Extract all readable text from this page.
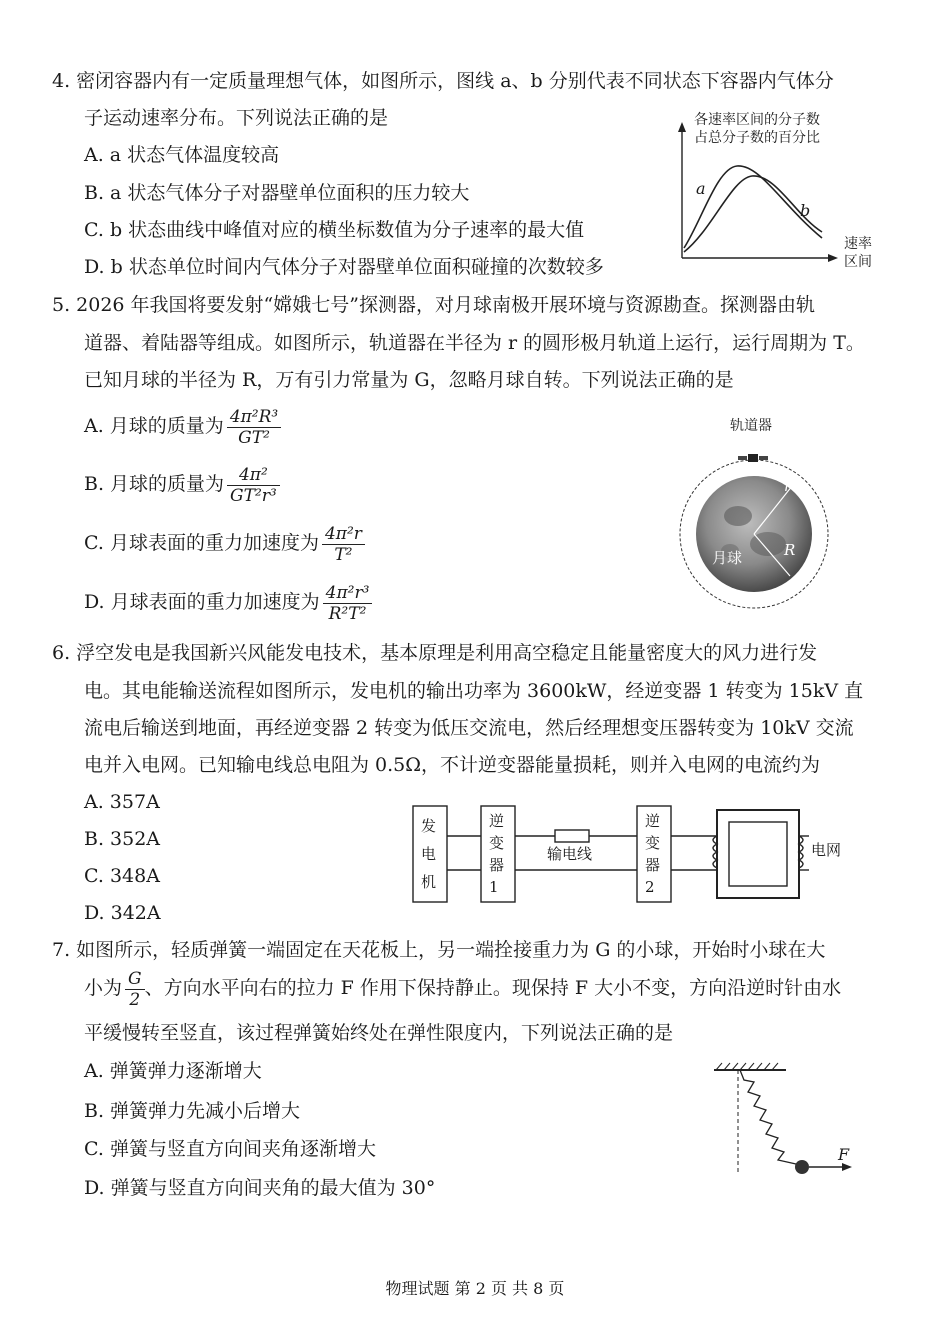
4. 密闭容器内有一定质量理想气体，如图所示，图线 a、b 分别代表不同状态下容器内气体分
子运动速率分布。下列说法正确的是
A. a 状态气体温度较高
B. a 状态气体分子对器壁单位面积的压力较大
C. b 状态曲线中峰值对应的横坐标数值为分子速率的最大值
D. b 状态单位时间内气体分子对器壁单位面积碰撞的次数较多
各速率区间的分子数
占总分子数的百分比
a
b
速率
区间
5. 2026 年我国将要发射“嫦娥七号”探测器，对月球南极开展环境与资源勘查。探测器由轨
道器、着陆器等组成。如图所示，轨道器在半径为 r 的圆形极月轨道上运行，运行周期为 T。
已知月球的半径为 R，万有引力常量为 G，忽略月球自转。下列说法正确的是
A. 月球的质量为 $\frac{\text{4π²R³}}{\text{GT²}}$
B. 月球的质量为 $\frac{\text{4π²}}{\text{GT²r³}}$
C. 月球表面的重力加速度为 $\frac{\text{4π²r}}{\text{T²}}$
D. 月球表面的重力加速度为 $\frac{\text{4π²r³}}{\text{R²T²}}$
轨道器
月球
r
R
6. 浮空发电是我国新兴风能发电技术，基本原理是利用高空稳定且能量密度大的风力进行发
电。其电能输送流程如图所示，发电机的输出功率为 3600kW，经逆变器 1 转变为 15kV 直
流电后输送到地面，再经逆变器 2 转变为低压交流电，然后经理想变压器转变为 10kV 交流
电并入电网。已知输电线总电阻为 0.5Ω，不计逆变器能量损耗，则并入电网的电流约为
A. 357A
B. 352A
C. 348A
D. 342A
发
电
机
逆
变
器
1
输电线
逆
变
器
2
电网
7. 如图所示，轻质弹簧一端固定在天花板上，另一端拴接重力为 G 的小球，开始时小球在大
小为 $\frac{G}{2}$ 、方向水平向右的拉力 F 作用下保持静止。现保持 F 大小不变，方向沿逆时针由水
平缓慢转至竖直，该过程弹簧始终处在弹性限度内，下列说法正确的是
A. 弹簧弹力逐渐增大
B. 弹簧弹力先减小后增大
C. 弹簧与竖直方向间夹角逐渐增大
D. 弹簧与竖直方向间夹角的最大值为 30°
F
物理试题 第 2 页 共 8 页
